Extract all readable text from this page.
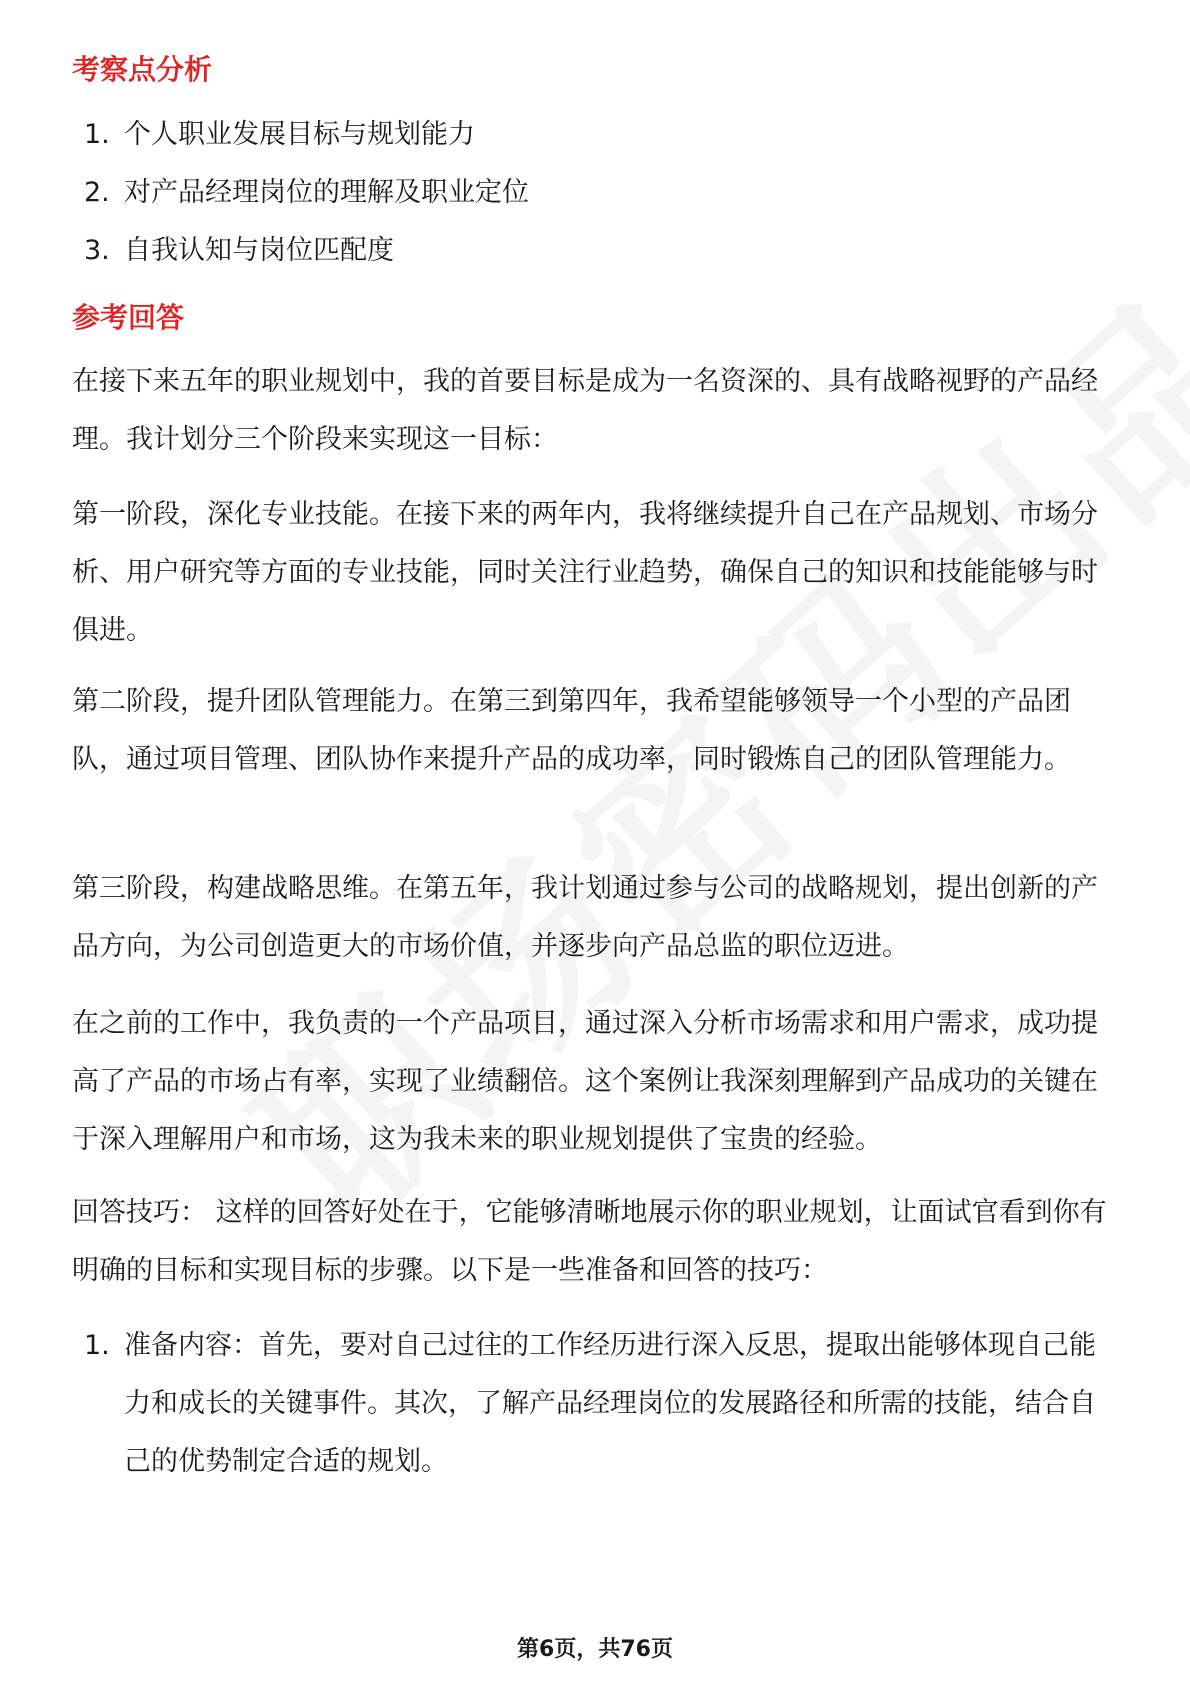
考察点分析
1. 个人职业发展目标与规划能力
2. 对产品经理岗位的理解及职业定位
3. 自我认知与岗位匹配度
参考回答

在接下来五年的职业规划中，我的首要目标是成为一名资深的、具有战略视野的产品经理。我计划分三个阶段来实现这一目标：

第一阶段，深化专业技能。在接下来的两年内，我将继续提升自己在产品规划、市场分析、用户研究等方面的专业技能，同时关注行业趋势，确保自己的知识和技能能够与时俱进。

第二阶段，提升团队管理能力。在第三到第四年，我希望能够领导一个小型的产品团队，通过项目管理、团队协作来提升产品的成功率，同时锻炼自己的团队管理能力。

第三阶段，构建战略思维。在第五年，我计划通过参与公司的战略规划，提出创新的产品方向，为公司创造更大的市场价值，并逐步向产品总监的职位迈进。

在之前的工作中，我负责的一个产品项目，通过深入分析市场需求和用户需求，成功提高了产品的市场占有率，实现了业绩翻倍。这个案例让我深刻理解到产品成功的关键在于深入理解用户和市场，这为我未来的职业规划提供了宝贵的经验。

回答技巧： 这样的回答好处在于，它能够清晰地展示你的职业规划，让面试官看到你有明确的目标和实现目标的步骤。以下是一些准备和回答的技巧：

1. 准备内容：首先，要对自己过往的工作经历进行深入反思，提取出能够体现自己能力和成长的关键事件。其次，了解产品经理岗位的发展路径和所需的技能，结合自己的优势制定合适的规划。
第6页，共76页
